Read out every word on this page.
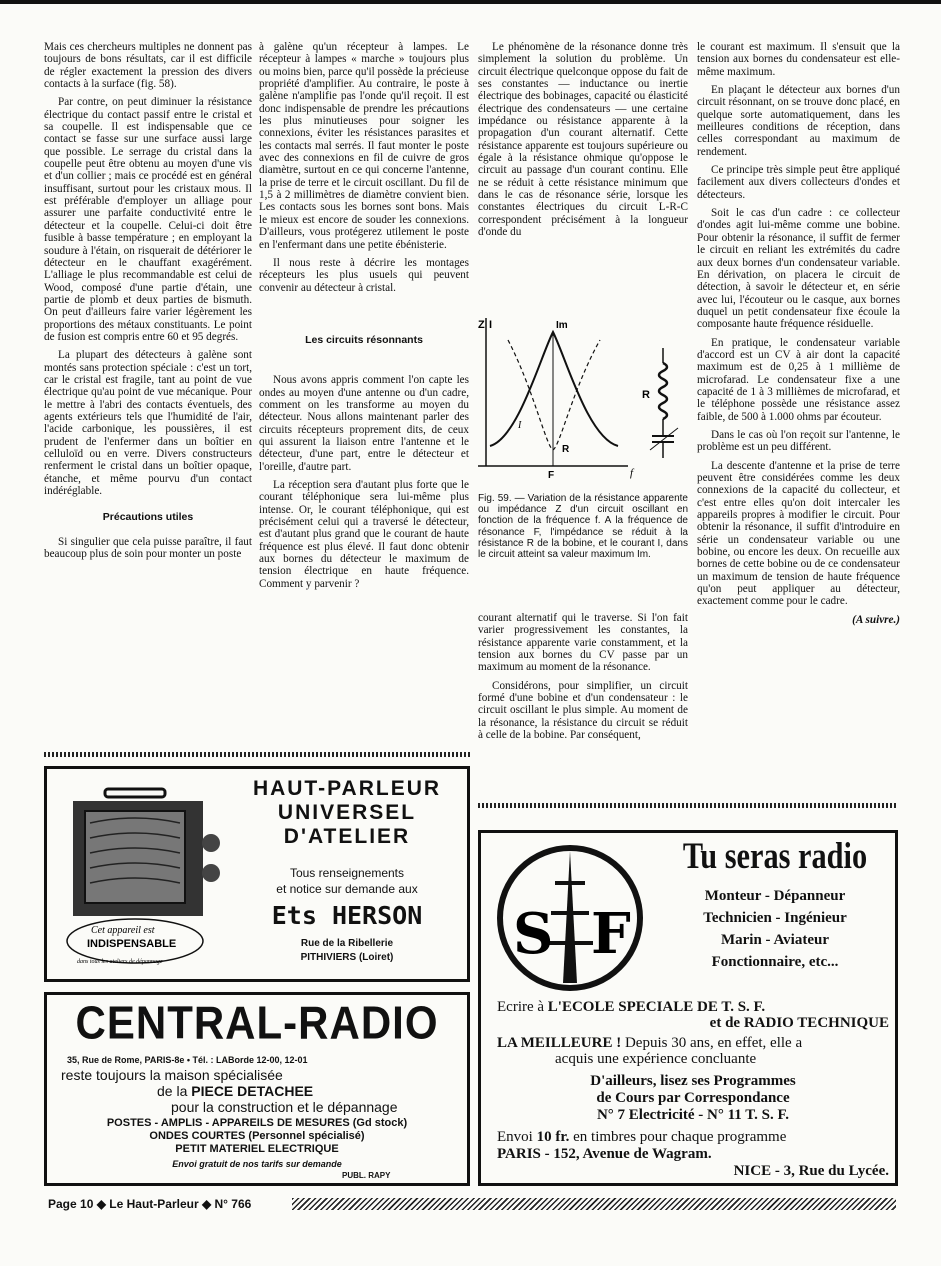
Mais ces chercheurs multiples ne donnent pas toujours de bons résultats, car il est difficile de régler exactement la pression des divers contacts à la surface (fig. 58).

Par contre, on peut diminuer la résistance électrique du contact passif entre le cristal et sa coupelle. Il est indispensable que ce contact se fasse sur une surface aussi large que possible. Le serrage du cristal dans la coupelle peut être obtenu au moyen d'une vis et d'un collier ; mais ce procédé est en général insuffisant, surtout pour les cristaux mous. Il est préférable d'employer un alliage pour assurer une parfaite conductivité entre le détecteur et la coupelle. Celui-ci doit être fusible à basse température ; en employant la soudure à l'étain, on risquerait de détériorer le détecteur en le chauffant exagérément. L'alliage le plus recommandable est celui de Wood, composé d'une partie d'étain, une partie de plomb et deux parties de bismuth. On peut d'ailleurs faire varier légèrement les proportions des métaux constituants. Le point de fusion est compris entre 60 et 95 degrés.

La plupart des détecteurs à galène sont montés sans protection spéciale : c'est un tort, car le cristal est fragile, tant au point de vue électrique qu'au point de vue mécanique. Pour le mettre à l'abri des contacts éventuels, des agents extérieurs tels que l'humidité de l'air, l'acide carbonique, les poussières, il est prudent de l'enfermer dans un boîtier en celluloïd ou en verre. Divers constructeurs renferment le cristal dans un boîtier opaque, étanche, et même pourvu d'un contact indéréglable.

Précautions utiles

Si singulier que cela puisse paraître, il faut beaucoup plus de soin pour monter un poste

à galène qu'un récepteur à lampes. Le récepteur à lampes « marche » toujours plus ou moins bien, parce qu'il possède la précieuse propriété d'amplifier. Au contraire, le poste à galène n'amplifie pas l'onde qu'il reçoit. Il est donc indispensable de prendre les précautions les plus minutieuses pour soigner les connexions, éviter les résistances parasites et les contacts mal serrés. Il faut monter le poste avec des connexions en fil de cuivre de gros diamètre, surtout en ce qui concerne l'antenne, la prise de terre et le circuit oscillant. Du fil de 1,5 à 2 millimètres de diamètre convient bien. Les contacts sous les bornes sont bons. Mais le mieux est encore de souder les connexions. D'ailleurs, vous protégerez utilement le poste en l'enfermant dans une petite ébénisterie.

Il nous reste à décrire les montages récepteurs les plus usuels qui peuvent convenir au détecteur à cristal.

Les circuits résonnants

Nous avons appris comment l'on capte les ondes au moyen d'une antenne ou d'un cadre, comment on les transforme au moyen du détecteur. Nous allons maintenant parler des circuits récepteurs proprement dits, de ceux qui assurent la liaison entre l'antenne et le détecteur, d'une part, entre le détecteur et l'oreille, d'autre part.

La réception sera d'autant plus forte que le courant téléphonique sera lui-même plus intense. Or, le courant téléphonique, qui est précisément celui qui a traversé le détecteur, est d'autant plus grand que le courant de haute fréquence est plus élevé. Il faut donc obtenir aux bornes du détecteur le maximum de tension électrique en haute fréquence. Comment y parvenir ?

Le phénomène de la résonance donne très simplement la solution du problème. Un circuit électrique quelconque oppose du fait de ses constantes — inductance ou inertie électrique des bobinages, capacité ou élasticité électrique des condensateurs — une certaine impédance ou résistance apparente à la propagation d'un courant alternatif. Cette résistance apparente est toujours supérieure ou égale à la résistance ohmique qu'oppose le circuit au passage d'un courant continu. Elle ne se réduit à cette résistance minimum que dans le cas de résonance série, lorsque les constantes électriques du circuit L-R-C correspondent précisément à la longueur d'onde du

Z I	Im
I
R
F	f
R
Fig. 59. — Variation de la résistance apparente ou impédance Z d'un circuit oscillant en fonction de la fréquence f. A la fréquence de résonance F, l'impédance se réduit à la résistance R de la bobine, et le courant I, dans le circuit atteint sa valeur maximum Im.

courant alternatif qui le traverse. Si l'on fait varier progressivement les constantes, la résistance apparente varie constamment, et la tension aux bornes du CV passe par un maximum au moment de la résonance.

Considérons, pour simplifier, un circuit formé d'une bobine et d'un condensateur : le circuit oscillant le plus simple. Au moment de la résonance, la résistance du circuit se réduit à celle de la bobine. Par conséquent,

le courant est maximum. Il s'ensuit que la tension aux bornes du condensateur est elle-même maximum.

En plaçant le détecteur aux bornes d'un circuit résonnant, on se trouve donc placé, en quelque sorte automatiquement, dans les meilleures conditions de réception, dans celles correspondant au maximum de rendement.

Ce principe très simple peut être appliqué facilement aux divers collecteurs d'ondes et détecteurs.

Soit le cas d'un cadre : ce collecteur d'ondes agit lui-même comme une bobine. Pour obtenir la résonance, il suffit de fermer le circuit en reliant les extrémités du cadre aux deux bornes d'un condensateur variable. En dérivation, on placera le circuit de détection, à savoir le détecteur et, en série avec lui, l'écouteur ou le casque, aux bornes duquel un petit condensateur fixe écoule la composante haute fréquence résiduelle.

En pratique, le condensateur variable d'accord est un CV à air dont la capacité maximum est de 0,25 à 1 millième de microfarad. Le condensateur fixe a une capacité de 1 à 3 millièmes de microfarad, et le téléphone possède une résistance assez faible, de 500 à 1.000 ohms par écouteur.

Dans le cas où l'on reçoit sur l'antenne, le problème est un peu différent.

La descente d'antenne et la prise de terre peuvent être considérées comme les deux connexions de la capacité du collecteur, et c'est entre elles qu'on doit intercaler les appareils propres à modifier le circuit. Pour obtenir la résonance, il suffit d'introduire en série un condensateur variable ou une bobine, ou encore les deux. On recueille aux bornes de cette bobine ou de ce condensateur un maximum de tension de haute fréquence qu'on peut appliquer au détecteur, exactement comme pour le cadre.

(A suivre.)
Cet appareil est
INDISPENSABLE
dans tous les ateliers de dépannage
HAUT-PARLEUR
UNIVERSEL
D'ATELIER
Tous renseignements
et notice sur demande aux
Ets HERSON
Rue de la Ribellerie
PITHIVIERS (Loiret)
CENTRAL-RADIO
35, Rue de Rome, PARIS-8e • Tél. : LABorde 12-00, 12-01
reste toujours la maison spécialisée
de la PIECE DETACHEE
pour la construction et le dépannage
POSTES - AMPLIS - APPAREILS DE MESURES (Gd stock)
ONDES COURTES (Personnel spécialisé)
PETIT MATERIEL ELECTRIQUE
Envoi gratuit de nos tarifs sur demande
PUBL. RAPY
S F
Tu seras radio
Monteur - Dépanneur
Technicien - Ingénieur
Marin - Aviateur
Fonctionnaire, etc...
Ecrire à L'ECOLE SPECIALE DE T. S. F.
et de RADIO TECHNIQUE
LA MEILLEURE ! Depuis 30 ans, en effet, elle a
acquis une expérience concluante
D'ailleurs, lisez ses Programmes
de Cours par Correspondance
N° 7 Electricité - N° 11 T. S. F.
Envoi 10 fr. en timbres pour chaque programme
PARIS - 152, Avenue de Wagram.
NICE - 3, Rue du Lycée.
Page 10 ◆ Le Haut-Parleur ◆ N° 766
